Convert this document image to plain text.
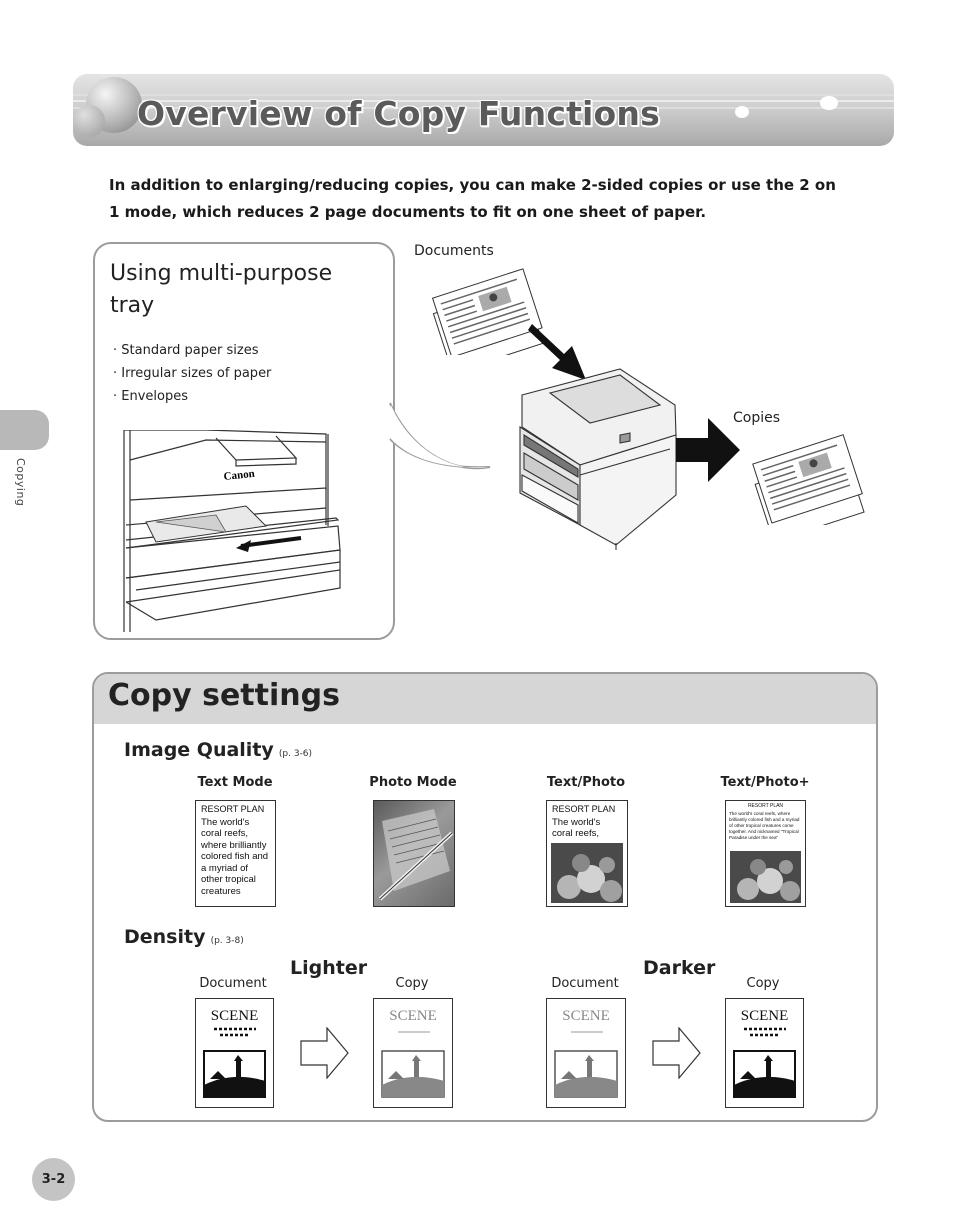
Overview of Copy Functions
In addition to enlarging/reducing copies, you can make 2-sided copies or use the 2 on 1 mode, which reduces 2 page documents to fit on one sheet of paper.
Copying
Using multi-purpose tray
· Standard paper sizes
· Irregular sizes of paper
· Envelopes
Canon
Documents
Copies
Copy settings
Image Quality (p. 3-6)
Text Mode	Photo Mode	Text/Photo	Text/Photo+
RESORT PLAN
The world's coral reefs, where brilliantly colored fish and a myriad of other tropical creatures
RESORT PLAN
The world's coral reefs,
RESORT PLAN
The world's coral reefs, where brilliantly colored fish and a myriad of other tropical creatures come together. And nicknamed "Tropical Paradise under the sea"
Density (p. 3-8)
Lighter	Darker
Document	Copy	Document	Copy
SCENE	SCENE	SCENE	SCENE
3-2
